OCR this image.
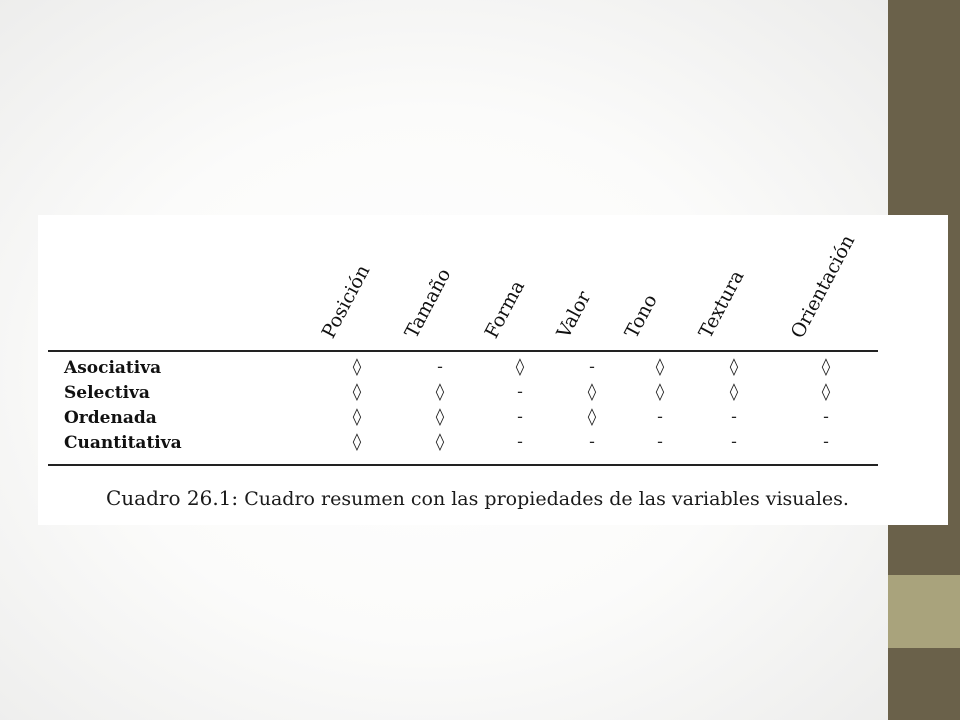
Posición Tamaño Forma Valor Tono Textura Orientación
Asociativa	◊	-	◊	-	◊	◊	◊
Selectiva	◊	◊	-	◊	◊	◊	◊
Ordenada	◊	◊	-	◊	-	-	-
Cuantitativa	◊	◊	-	-	-	-	-
Cuadro 26.1: Cuadro resumen con las propiedades de las variables visuales.
